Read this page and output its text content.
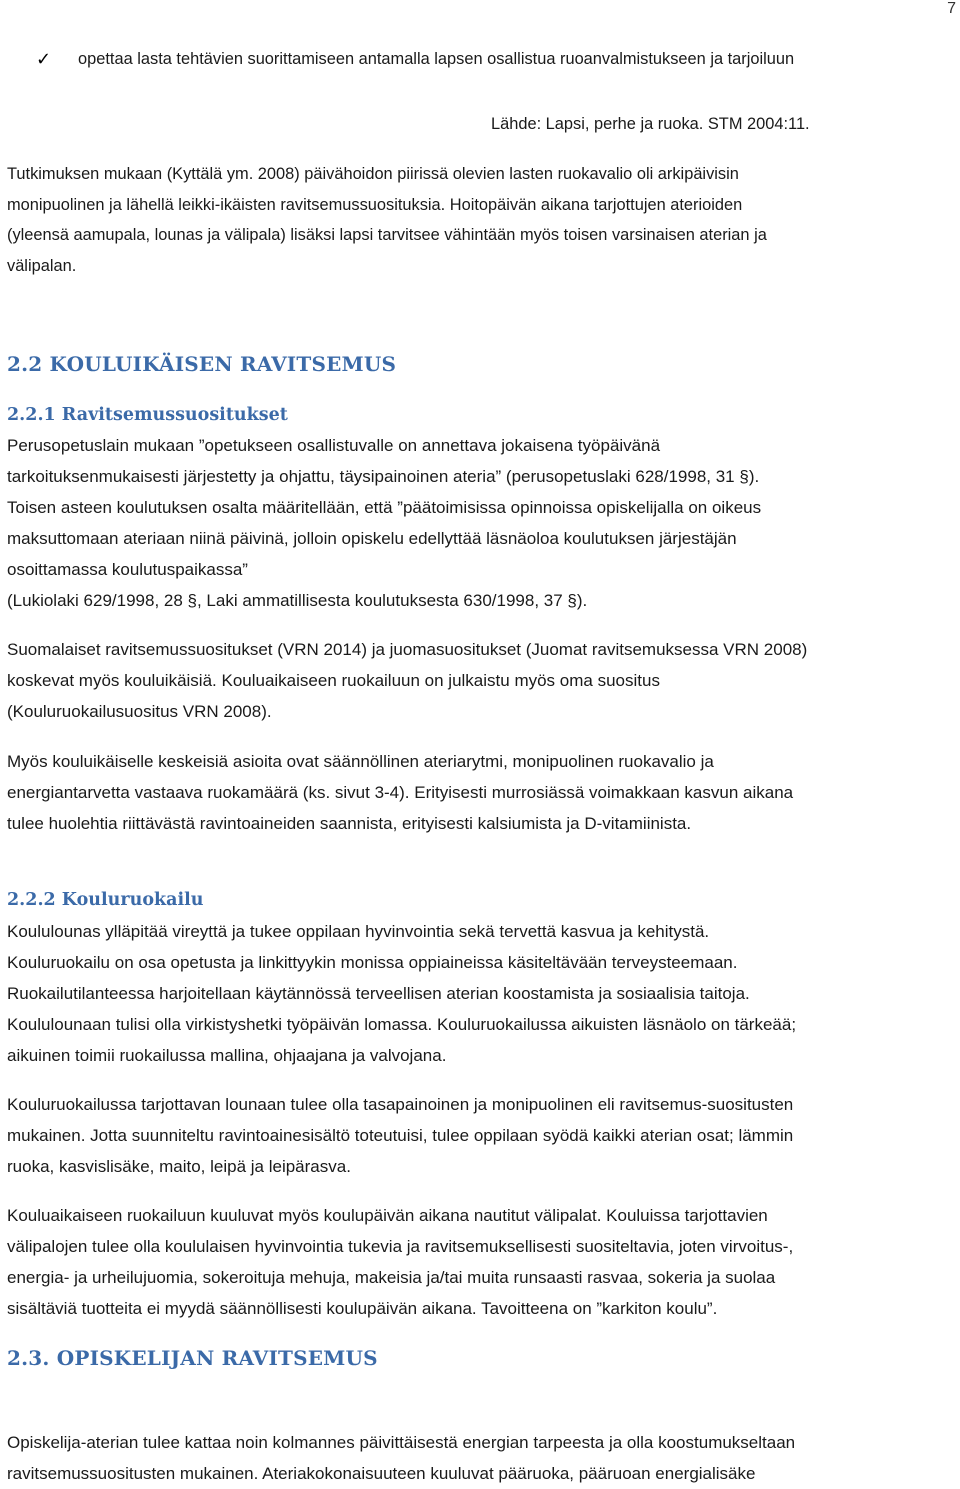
7
✓ opettaa lasta tehtävien suorittamiseen antamalla lapsen osallistua ruoanvalmistukseen ja tarjoiluun
Lähde: Lapsi, perhe ja ruoka. STM 2004:11.

Tutkimuksen mukaan (Kyttälä ym. 2008) päivähoidon piirissä olevien lasten ruokavalio oli arkipäivisin
monipuolinen ja lähellä leikki-ikäisten ravitsemussuosituksia. Hoitopäivän aikana tarjottujen aterioiden
(yleensä aamupala, lounas ja välipala) lisäksi lapsi tarvitsee vähintään myös toisen varsinaisen aterian ja
välipalan.

2.2 KOULUIKÄISEN RAVITSEMUS
2.2.1 Ravitsemussuositukset

Perusopetuslain mukaan ”opetukseen osallistuvalle on annettava jokaisena työpäivänä
tarkoituksenmukaisesti järjestetty ja ohjattu, täysipainoinen ateria” (perusopetuslaki 628/1998, 31 §).
Toisen asteen koulutuksen osalta määritellään, että ”päätoimisissa opinnoissa opiskelijalla on oikeus
maksuttomaan ateriaan niinä päivinä, jolloin opiskelu edellyttää läsnäoloa koulutuksen järjestäjän
osoittamassa koulutuspaikassa”
(Lukiolaki 629/1998, 28 §, Laki ammatillisesta koulutuksesta 630/1998, 37 §).

Suomalaiset ravitsemussuositukset (VRN 2014) ja juomasuositukset (Juomat ravitsemuksessa VRN 2008)
koskevat myös kouluikäisiä. Kouluaikaiseen ruokailuun on julkaistu myös oma suositus
(Kouluruokailusuositus VRN 2008).

Myös kouluikäiselle keskeisiä asioita ovat säännöllinen ateriarytmi, monipuolinen ruokavalio ja
energiantarvetta vastaava ruokamäärä (ks. sivut 3-4). Erityisesti murrosiässä voimakkaan kasvun aikana
tulee huolehtia riittävästä ravintoaineiden saannista, erityisesti kalsiumista ja D-vitamiinista.

2.2.2 Kouluruokailu

Koululounas ylläpitää vireyttä ja tukee oppilaan hyvinvointia sekä tervettä kasvua ja kehitystä.
Kouluruokailu on osa opetusta ja linkittyykin monissa oppiaineissa käsiteltävään terveysteemaan.
Ruokailutilanteessa harjoitellaan käytännössä terveellisen aterian koostamista ja sosiaalisia taitoja.
Koululounaan tulisi olla virkistyshetki työpäivän lomassa. Kouluruokailussa aikuisten läsnäolo on tärkeää;
aikuinen toimii ruokailussa mallina, ohjaajana ja valvojana.

Kouluruokailussa tarjottavan lounaan tulee olla tasapainoinen ja monipuolinen eli ravitsemus-suositusten
mukainen. Jotta suunniteltu ravintoainesisältö toteutuisi, tulee oppilaan syödä kaikki aterian osat; lämmin
ruoka, kasvislisäke, maito, leipä ja leipärasva.

Kouluaikaiseen ruokailuun kuuluvat myös koulupäivän aikana nautitut välipalat. Kouluissa tarjottavien
välipalojen tulee olla koululaisen hyvinvointia tukevia ja ravitsemuksellisesti suositeltavia, joten virvoitus-,
energia- ja urheilujuomia, sokeroituja mehuja, makeisia ja/tai muita runsaasti rasvaa, sokeria ja suolaa
sisältäviä tuotteita ei myydä säännöllisesti koulupäivän aikana. Tavoitteena on ”karkiton koulu”.

2.3. OPISKELIJAN RAVITSEMUS

Opiskelija-aterian tulee kattaa noin kolmannes päivittäisestä energian tarpeesta ja olla koostumukseltaan
ravitsemussuositusten mukainen. Ateriakokonaisuuteen kuuluvat pääruoka, pääruoan energialisäke
